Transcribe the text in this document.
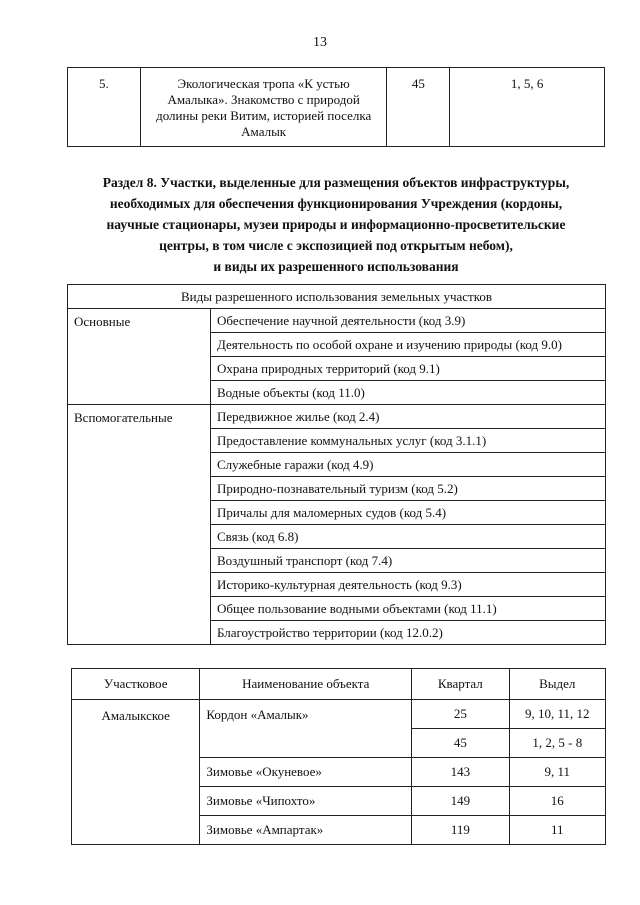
13
5.	Экологическая тропа «К устью Амалыка». Знакомство с природой долины реки Витим, историей поселка Амалык	45	1, 5, 6
Раздел 8. Участки, выделенные для размещения объектов инфраструктуры,
необходимых для обеспечения функционирования Учреждения (кордоны,
научные стационары, музеи природы и информационно-просветительские
центры, в том числе с экспозицией под открытым небом),
и виды их разрешенного использования
Виды разрешенного использования земельных участков	
Основные	Обеспечение научной деятельности (код 3.9)
	Деятельность по особой охране и изучению природы (код 9.0)
	Охрана природных территорий (код 9.1)
	Водные объекты (код 11.0)
Вспомогательные	Передвижное жилье (код 2.4)
	Предоставление коммунальных услуг (код 3.1.1)
	Служебные гаражи (код 4.9)
	Природно-познавательный туризм (код 5.2)
	Причалы для маломерных судов (код 5.4)
	Связь (код 6.8)
	Воздушный транспорт (код 7.4)
	Историко-культурная деятельность (код 9.3)
	Общее пользование водными объектами (код 11.1)
	Благоустройство территории (код 12.0.2)
Участковое	Наименование объекта	Квартал	Выдел
Амалыкское	Кордон «Амалык»	25	9, 10, 11, 12
		45	1, 2, 5 - 8
	Зимовье «Окуневое»	143	9, 11
	Зимовье «Чипохто»	149	16
	Зимовье «Ампартак»	119	11
